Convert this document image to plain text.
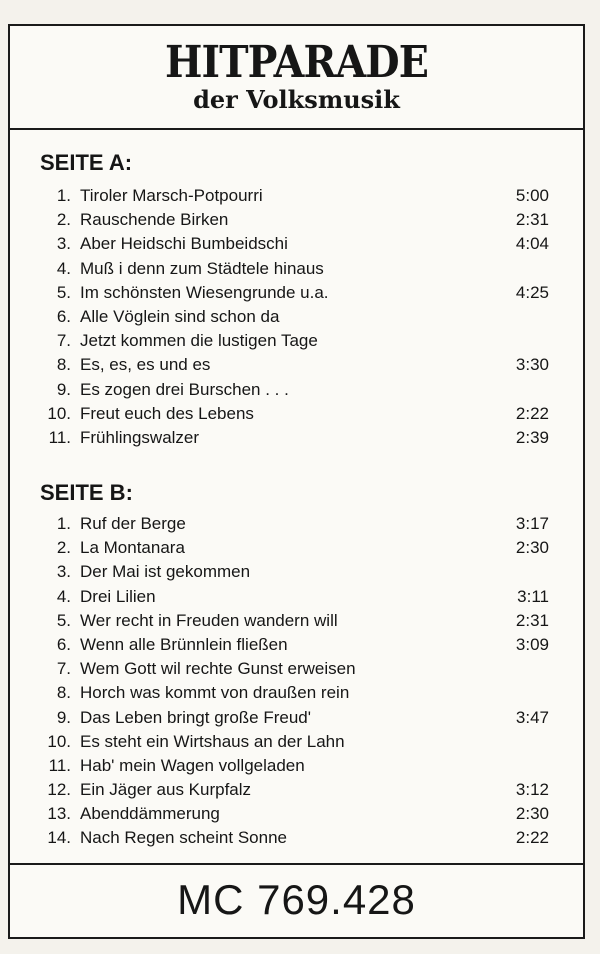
HITPARADE
der Volksmusik
SEITE A:
1. Tiroler Marsch-Potpourri	5:00
2. Rauschende Birken	2:31
3. Aber Heidschi Bumbeidschi	4:04
4. Muß i denn zum Städtele hinaus
5. Im schönsten Wiesengrunde u.a.	4:25
6. Alle Vöglein sind schon da
7. Jetzt kommen die lustigen Tage
8. Es, es, es und es	3:30
9. Es zogen drei Burschen . . .
10. Freut euch des Lebens	2:22
11. Frühlingswalzer	2:39
SEITE B:
1. Ruf der Berge	3:17
2. La Montanara	2:30
3. Der Mai ist gekommen
4. Drei Lilien	3:11
5. Wer recht in Freuden wandern will	2:31
6. Wenn alle Brünnlein fließen	3:09
7. Wem Gott wil rechte Gunst erweisen
8. Horch was kommt von draußen rein
9. Das Leben bringt große Freud'	3:47
10. Es steht ein Wirtshaus an der Lahn
11. Hab' mein Wagen vollgeladen
12. Ein Jäger aus Kurpfalz	3:12
13. Abenddämmerung	2:30
14. Nach Regen scheint Sonne	2:22
MC 769.428
